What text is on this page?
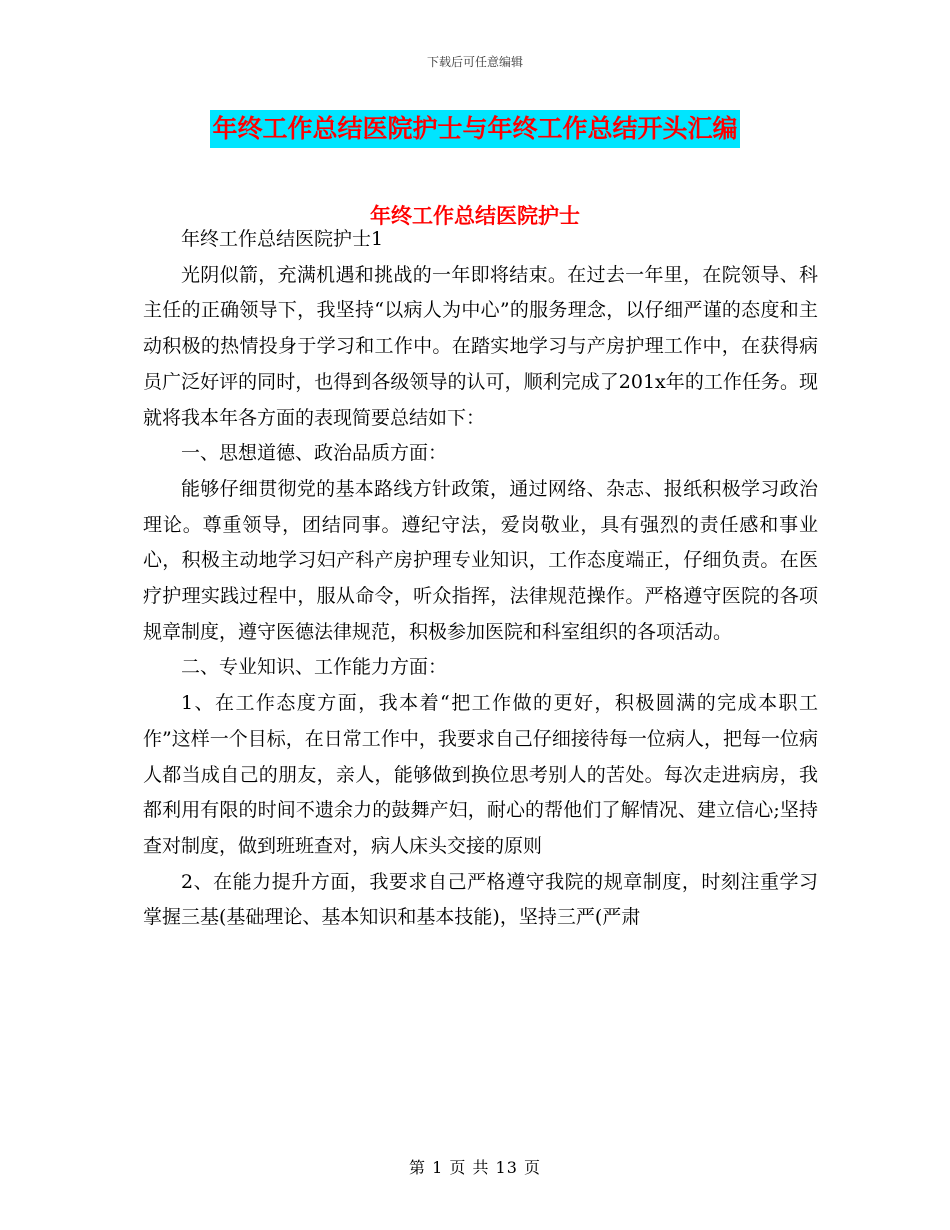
下载后可任意编辑
年终工作总结医院护士与年终工作总结开头汇编
年终工作总结医院护士

年终工作总结医院护士1

光阴似箭，充满机遇和挑战的一年即将结束。在过去一年里，在院领导、科主任的正确领导下，我坚持“以病人为中心”的服务理念，以仔细严谨的态度和主动积极的热情投身于学习和工作中。在踏实地学习与产房护理工作中，在获得病员广泛好评的同时，也得到各级领导的认可，顺利完成了201x年的工作任务。现就将我本年各方面的表现简要总结如下：

一、思想道德、政治品质方面：

能够仔细贯彻党的基本路线方针政策，通过网络、杂志、报纸积极学习政治理论。尊重领导，团结同事。遵纪守法，爱岗敬业，具有强烈的责任感和事业心，积极主动地学习妇产科产房护理专业知识，工作态度端正，仔细负责。在医疗护理实践过程中，服从命令，听众指挥，法律规范操作。严格遵守医院的各项规章制度，遵守医德法律规范，积极参加医院和科室组织的各项活动。

二、专业知识、工作能力方面：

1、在工作态度方面，我本着“把工作做的更好，积极圆满的完成本职工作”这样一个目标，在日常工作中，我要求自己仔细接待每一位病人，把每一位病人都当成自己的朋友，亲人，能够做到换位思考别人的苦处。每次走进病房，我都利用有限的时间不遗余力的鼓舞产妇，耐心的帮他们了解情况、建立信心;坚持查对制度，做到班班查对，病人床头交接的原则

2、在能力提升方面，我要求自己严格遵守我院的规章制度，时刻注重学习掌握三基(基础理论、基本知识和基本技能)，坚持三严(严肃

第 1 页 共 13 页
